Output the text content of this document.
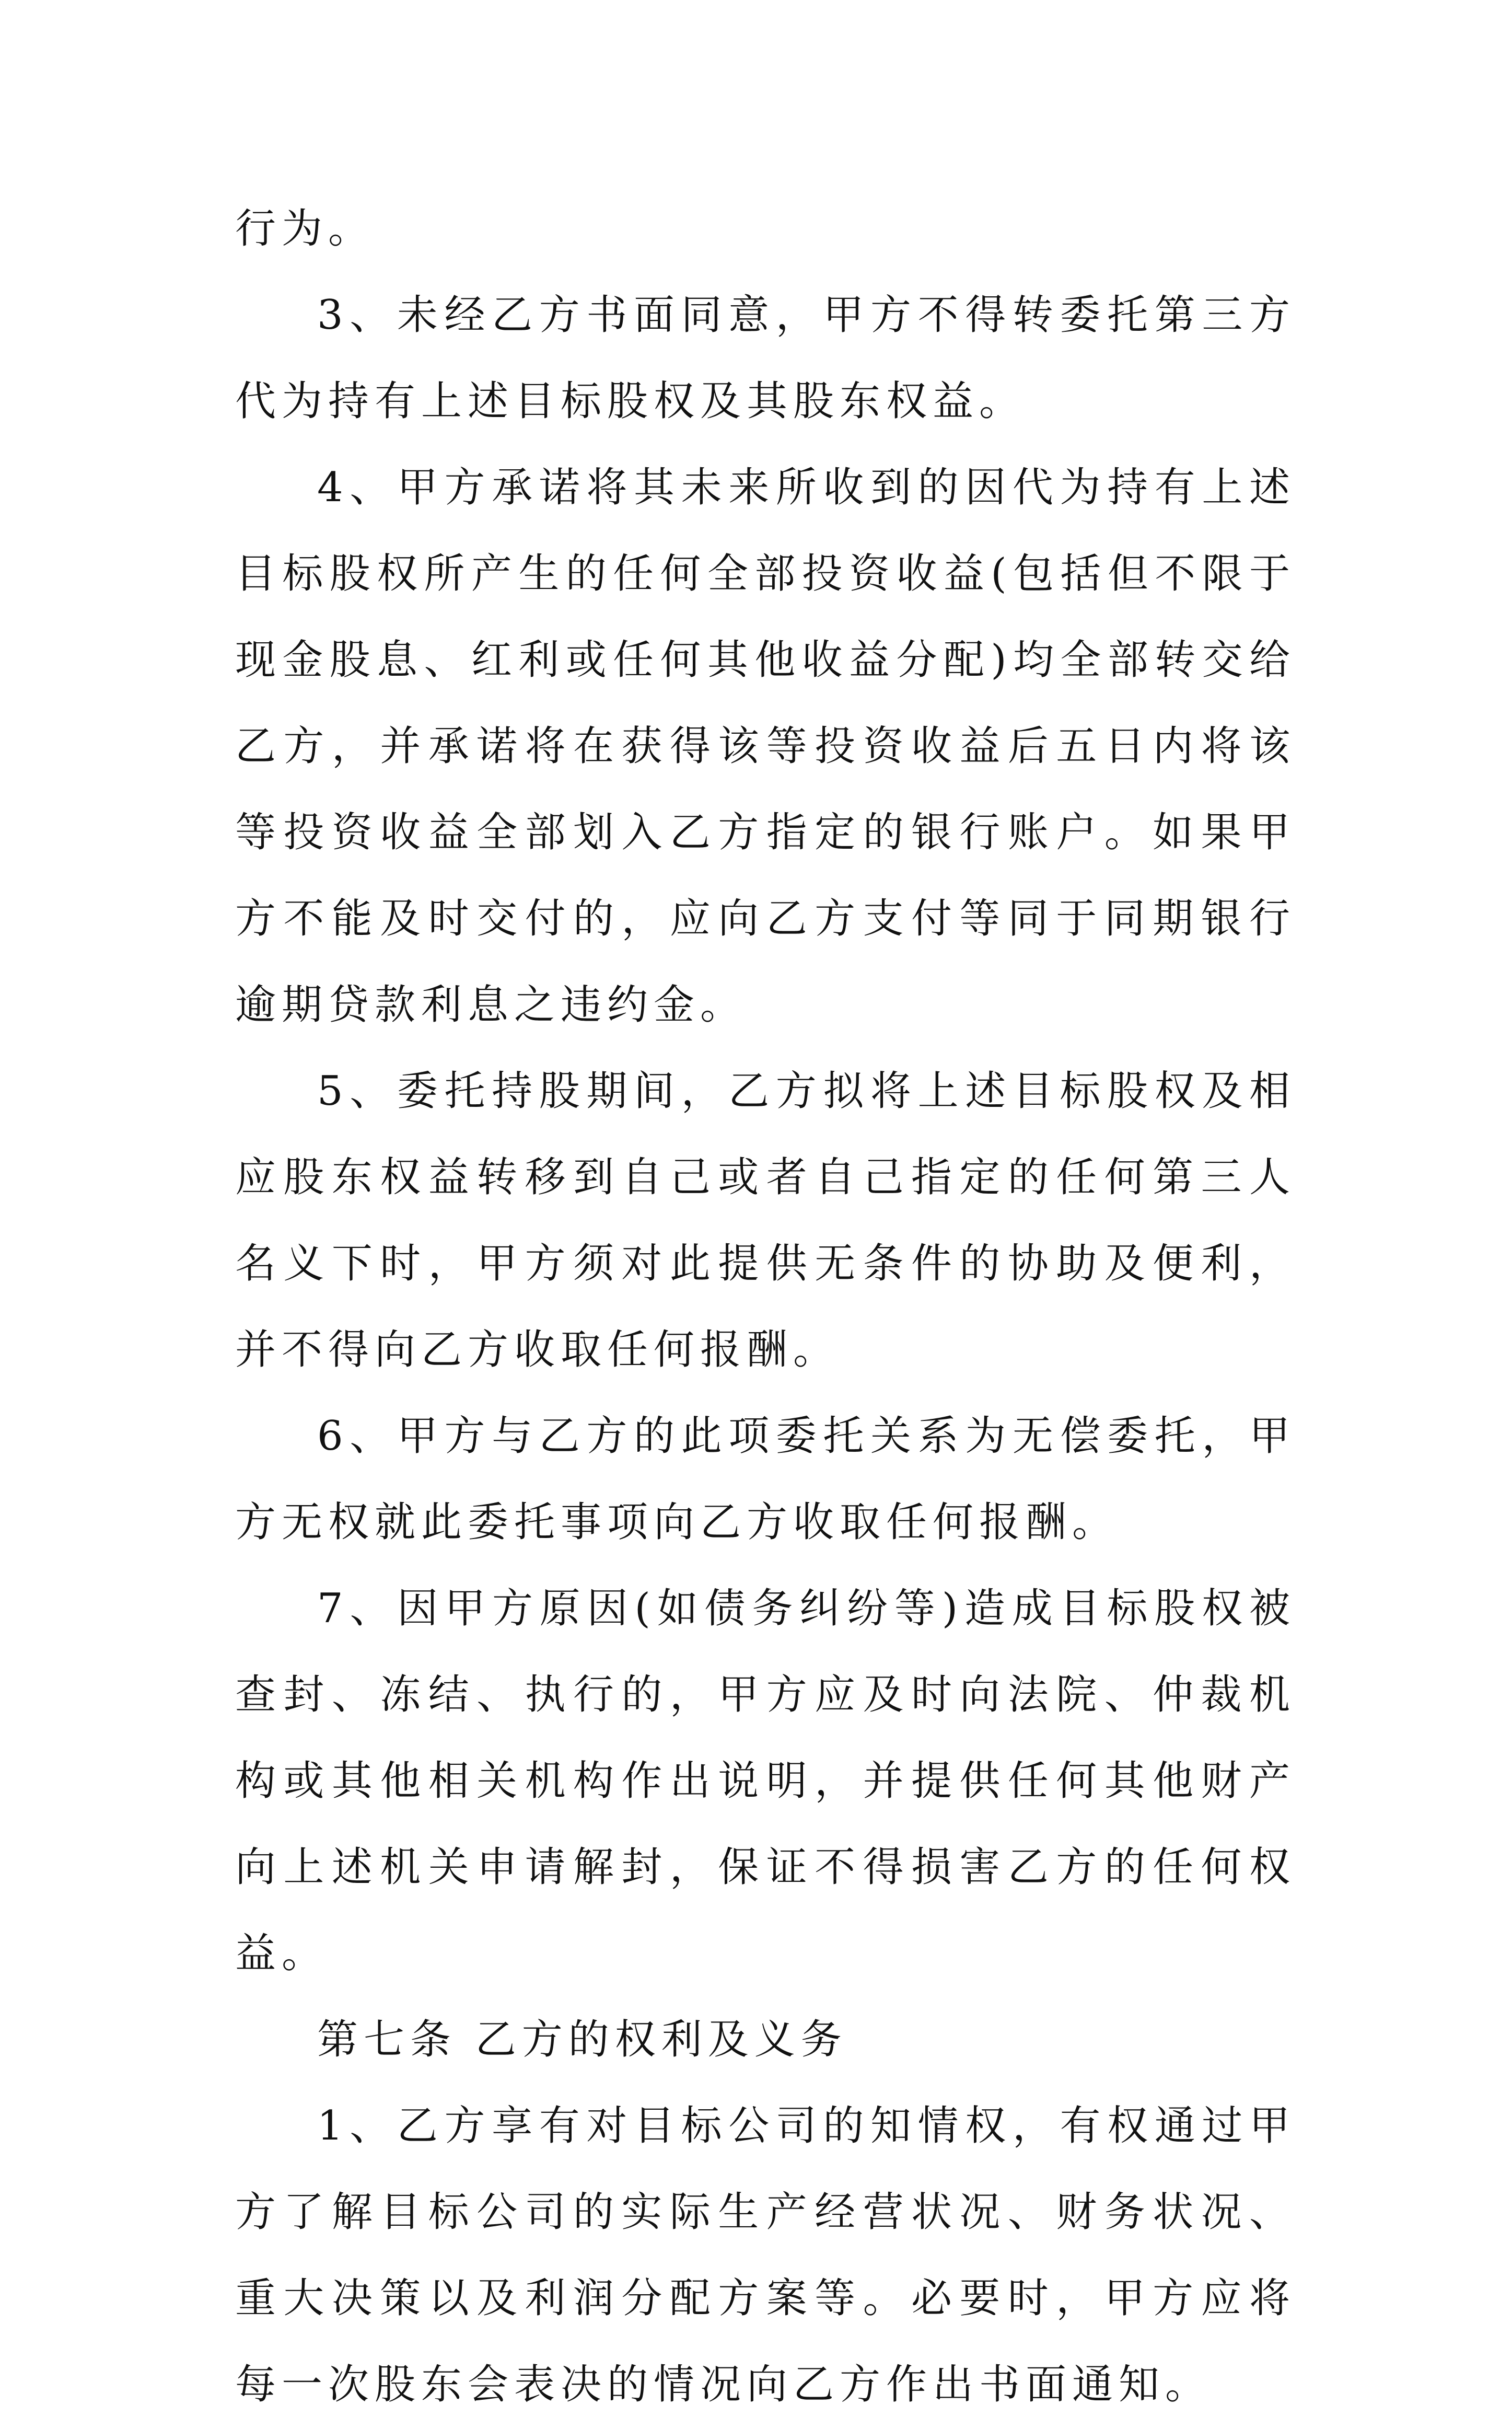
行为。

3、未经乙方书面同意，甲方不得转委托第三方代为持有上述目标股权及其股东权益。

4、甲方承诺将其未来所收到的因代为持有上述目标股权所产生的任何全部投资收益(包括但不限于现金股息、红利或任何其他收益分配)均全部转交给乙方，并承诺将在获得该等投资收益后五日内将该等投资收益全部划入乙方指定的银行账户。如果甲方不能及时交付的，应向乙方支付等同于同期银行逾期贷款利息之违约金。

5、委托持股期间，乙方拟将上述目标股权及相应股东权益转移到自己或者自己指定的任何第三人名义下时，甲方须对此提供无条件的协助及便利，并不得向乙方收取任何报酬。

6、甲方与乙方的此项委托关系为无偿委托，甲方无权就此委托事项向乙方收取任何报酬。

7、因甲方原因(如债务纠纷等)造成目标股权被查封、冻结、执行的，甲方应及时向法院、仲裁机构或其他相关机构作出说明，并提供任何其他财产向上述机关申请解封，保证不得损害乙方的任何权益。

第七条 乙方的权利及义务

1、乙方享有对目标公司的知情权，有权通过甲方了解目标公司的实际生产经营状况、财务状况、重大决策以及利润分配方案等。必要时，甲方应将每一次股东会表决的情况向乙方作出书面通知。
